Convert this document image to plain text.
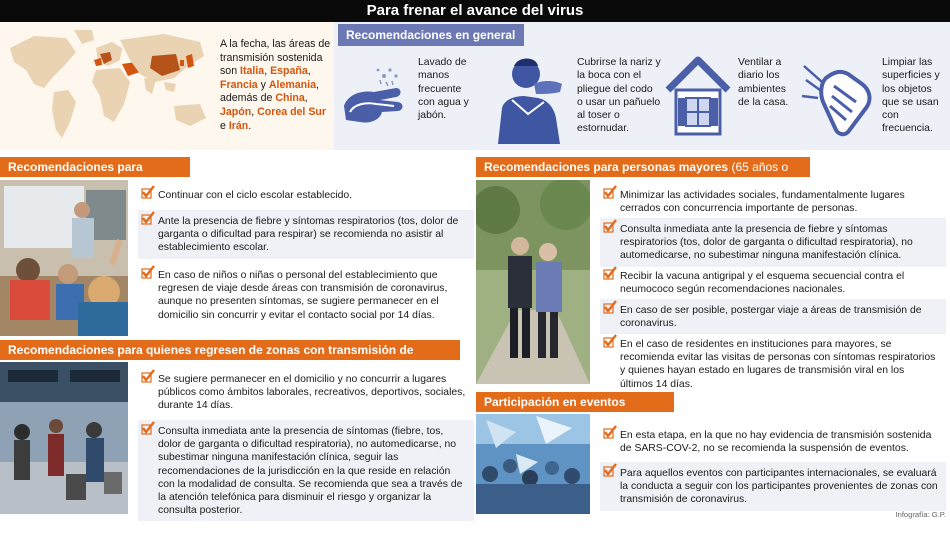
Para frenar el avance del virus
A la fecha, las áreas de transmisión sostenida son Italia, España, Francia y Alemania, además de China, Japón, Corea del Sur e Irán.
Recomendaciones en general
Lavado de manos frecuente con agua y jabón.
Cubrirse la nariz y la boca con el pliegue del codo o usar un pañuelo al toser o estornudar.
Ventilar a diario los ambientes de la casa.
Limpiar las superficies y los objetos que se usan con frecuencia.
Recomendaciones para
Continuar con el ciclo escolar establecido.
Ante la presencia de fiebre y síntomas respiratorios (tos, dolor de garganta o dificultad para respirar) se recomienda no asistir al establecimiento escolar.
En caso de niños o niñas o personal del establecimiento que regresen de viaje desde áreas con transmisión de coronavirus, aunque no presenten síntomas, se sugiere permanecer en el domicilio sin concurrir y evitar el contacto social por 14 días.
Recomendaciones para quienes regresen de zonas con transmisión de
Se sugiere permanecer en el domicilio y no concurrir a lugares públicos como ámbitos laborales, recreativos, deportivos, sociales, durante 14 días.
Consulta inmediata ante la presencia de síntomas (fiebre, tos, dolor de garganta o dificultad respiratoria), no automedicarse, no subestimar ninguna manifestación clínica, seguir las recomendaciones de la jurisdicción en la que reside en relación con la modalidad de consulta. Se recomienda que sea a través de la atención telefónica para disminuir el riesgo y organizar la consulta posterior.
Recomendaciones para personas mayores (65 años o
Minimizar las actividades sociales, fundamentalmente lugares cerrados con concurrencia importante de personas.
Consulta inmediata ante la presencia de fiebre y síntomas respiratorios (tos, dolor de garganta o dificultad respiratoria), no automedicarse, no subestimar ninguna manifestación clínica.
Recibir la vacuna antigripal y el esquema secuencial contra el neumococo según recomendaciones nacionales.
En caso de ser posible, postergar viaje a áreas de transmisión de coronavirus.
En el caso de residentes en instituciones para mayores, se recomienda evitar las visitas de personas con síntomas respiratorios y quienes hayan estado en lugares de transmisión viral en los últimos 14 días.
Participación en eventos
En esta etapa, en la que no hay evidencia de transmisión sostenida de SARS-COV-2, no se recomienda la suspensión de eventos.
Para aquellos eventos con participantes internacionales, se evaluará la conducta a seguir con los participantes provenientes de zonas con transmisión de coronavirus.
Infografía: G.P.
